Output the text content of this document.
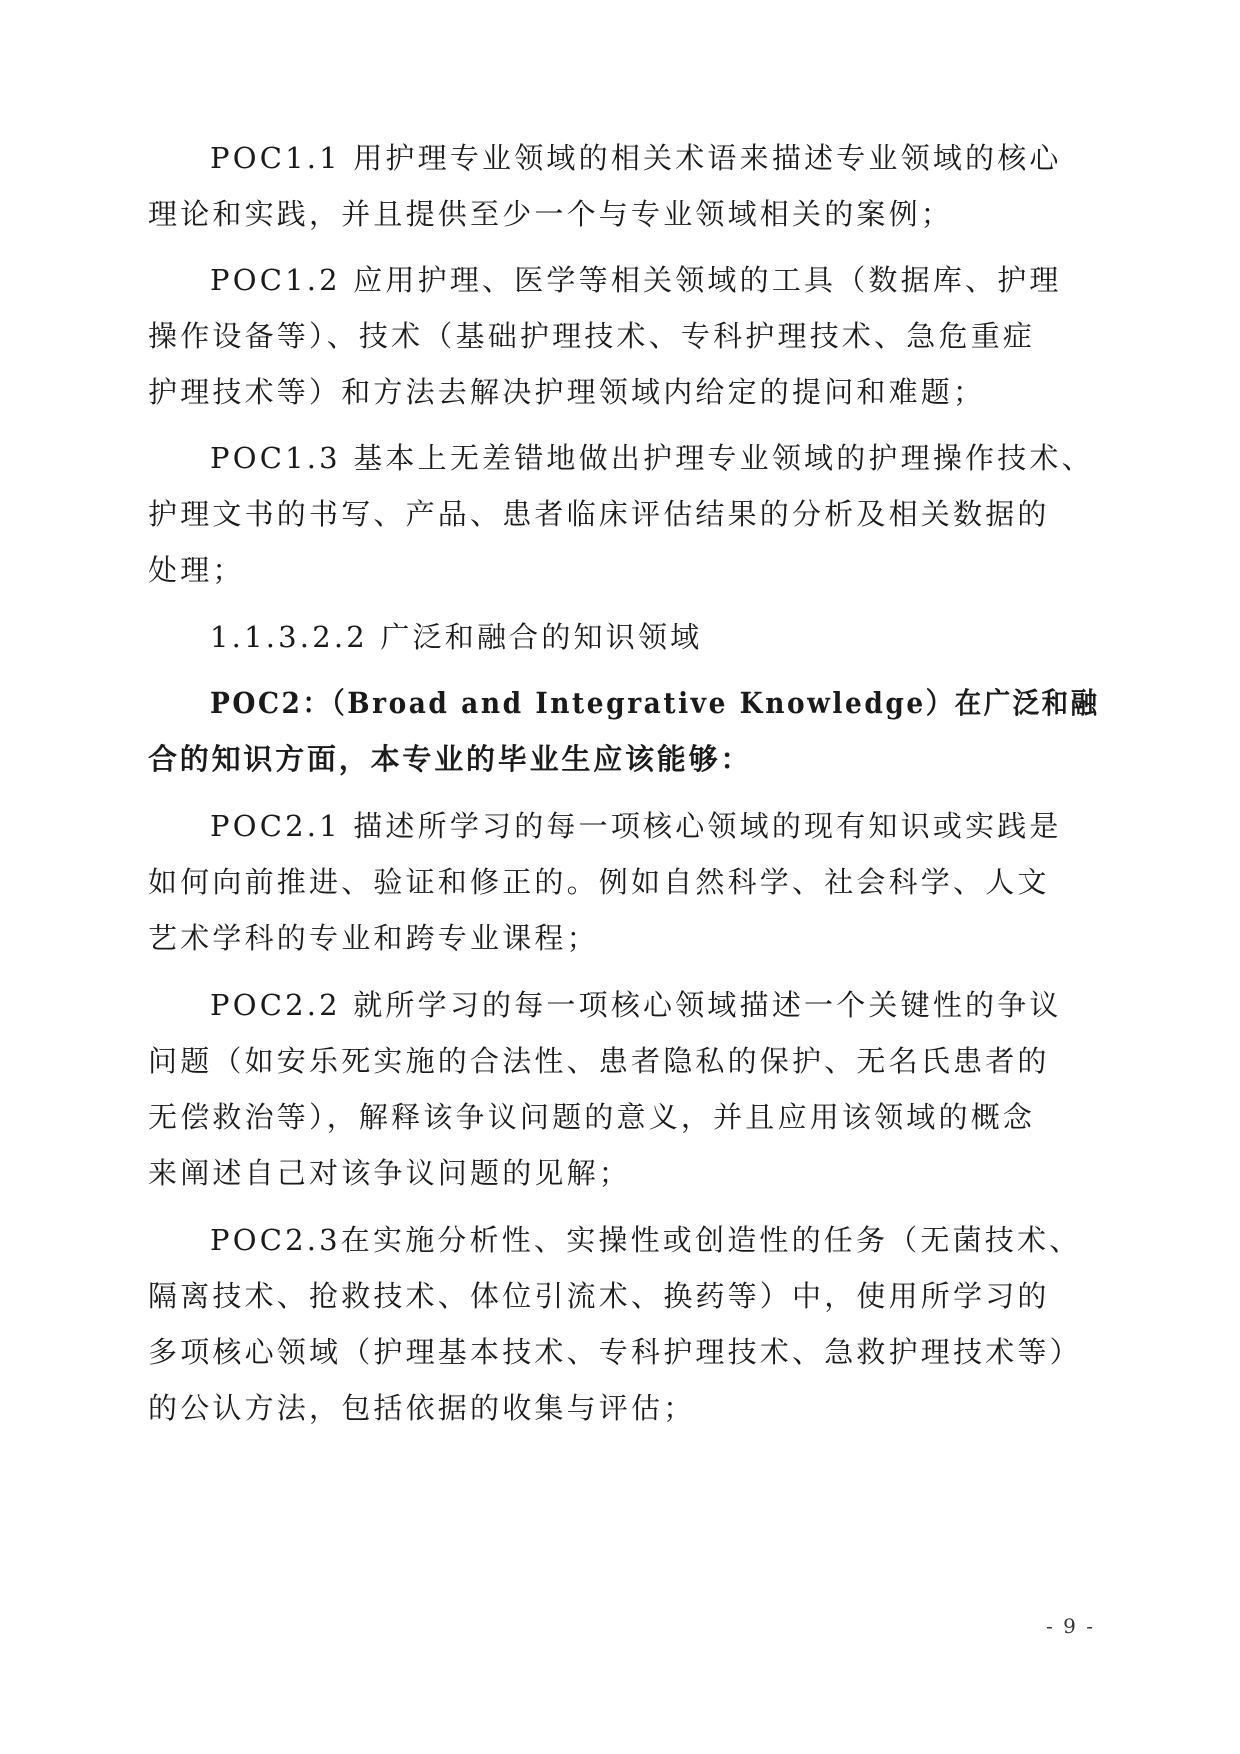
POC1.1 用护理专业领域的相关术语来描述专业领域的核心

理论和实践，并且提供至少一个与专业领域相关的案例；

POC1.2 应用护理、医学等相关领域的工具（数据库、护理

操作设备等）、技术（基础护理技术、专科护理技术、急危重症

护理技术等）和方法去解决护理领域内给定的提问和难题；

POC1.3 基本上无差错地做出护理专业领域的护理操作技术、

护理文书的书写、产品、患者临床评估结果的分析及相关数据的

处理；

1.1.3.2.2 广泛和融合的知识领域

POC2：（Broad and Integrative Knowledge）在广泛和融

合的知识方面，本专业的毕业生应该能够：

POC2.1 描述所学习的每一项核心领域的现有知识或实践是

如何向前推进、验证和修正的。例如自然科学、社会科学、人文

艺术学科的专业和跨专业课程；

POC2.2 就所学习的每一项核心领域描述一个关键性的争议

问题（如安乐死实施的合法性、患者隐私的保护、无名氏患者的

无偿救治等），解释该争议问题的意义，并且应用该领域的概念

来阐述自己对该争议问题的见解；

POC2.3在实施分析性、实操性或创造性的任务（无菌技术、

隔离技术、抢救技术、体位引流术、换药等）中，使用所学习的

多项核心领域（护理基本技术、专科护理技术、急救护理技术等）

的公认方法，包括依据的收集与评估；

- 9 -
